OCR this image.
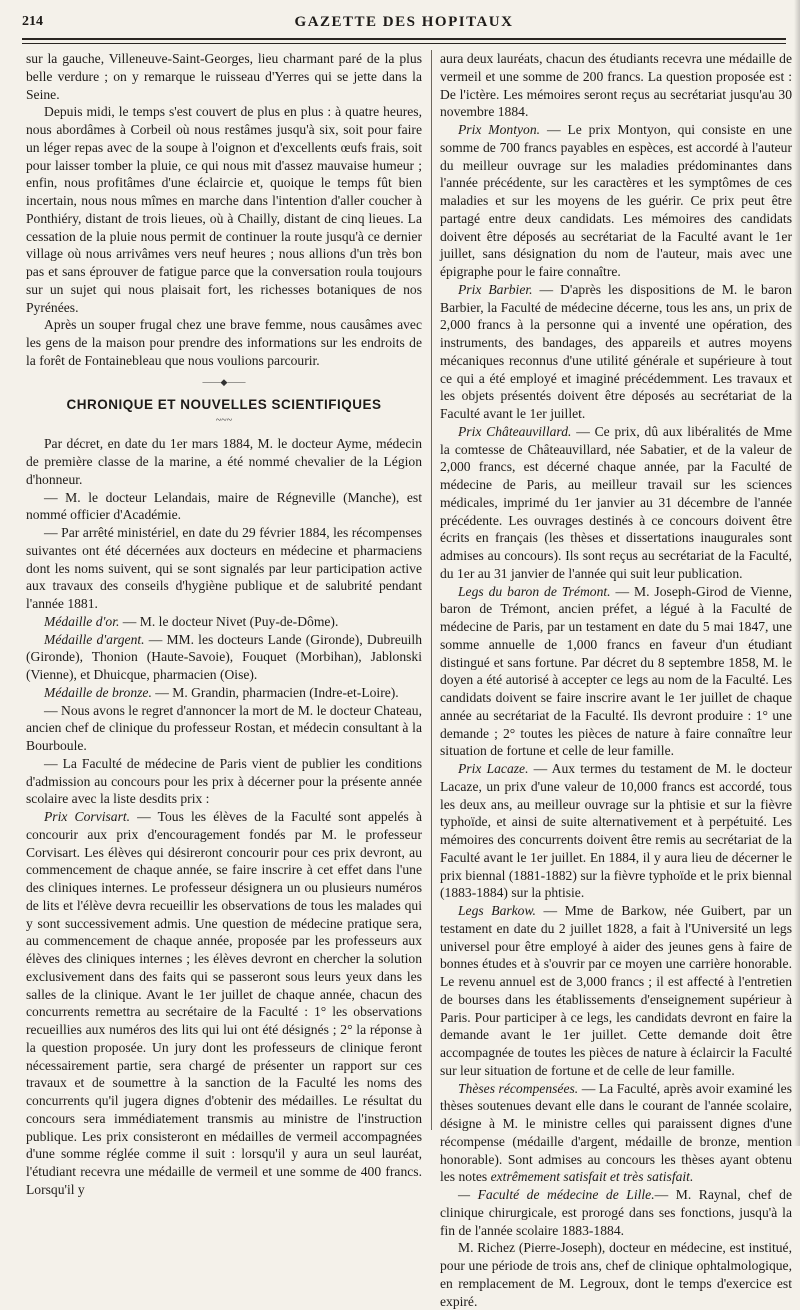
214	GAZETTE DES HOPITAUX

sur la gauche, Villeneuve-Saint-Georges, lieu charmant paré de la plus belle verdure ; on y remarque le ruisseau d'Yerres qui se jette dans la Seine.

Depuis midi, le temps s'est couvert de plus en plus : à quatre heures, nous abordâmes à Corbeil où nous restâmes jusqu'à six, soit pour faire un léger repas avec de la soupe à l'oignon et d'excellents œufs frais, soit pour laisser tomber la pluie, ce qui nous mit d'assez mauvaise humeur ; enfin, nous profitâmes d'une éclaircie et, quoique le temps fût bien incertain, nous nous mîmes en marche dans l'intention d'aller coucher à Ponthiéry, distant de trois lieues, où à Chailly, distant de cinq lieues. La cessation de la pluie nous permit de continuer la route jusqu'à ce dernier village où nous arrivâmes vers neuf heures ; nous allions d'un très bon pas et sans éprouver de fatigue parce que la conversation roula toujours sur un sujet qui nous plaisait fort, les richesses botaniques de nos Pyrénées.

Après un souper frugal chez une brave femme, nous causâmes avec les gens de la maison pour prendre des informations sur les endroits de la forêt de Fontainebleau que nous voulions parcourir.

——◆——
CHRONIQUE ET NOUVELLES SCIENTIFIQUES
~~~

Par décret, en date du 1er mars 1884, M. le docteur Ayme, médecin de première classe de la marine, a été nommé chevalier de la Légion d'honneur.

— M. le docteur Lelandais, maire de Régneville (Manche), est nommé officier d'Académie.

— Par arrêté ministériel, en date du 29 février 1884, les récompenses suivantes ont été décernées aux docteurs en médecine et pharmaciens dont les noms suivent, qui se sont signalés par leur participation active aux travaux des conseils d'hygiène publique et de salubrité pendant l'année 1881.

Médaille d'or. — M. le docteur Nivet (Puy-de-Dôme).

Médaille d'argent. — MM. les docteurs Lande (Gironde), Dubreuilh (Gironde), Thonion (Haute-Savoie), Fouquet (Morbihan), Jablonski (Vienne), et Dhuicque, pharmacien (Oise).

Médaille de bronze. — M. Grandin, pharmacien (Indre-et-Loire).

— Nous avons le regret d'annoncer la mort de M. le docteur Chateau, ancien chef de clinique du professeur Rostan, et médecin consultant à la Bourboule.

— La Faculté de médecine de Paris vient de publier les conditions d'admission au concours pour les prix à décerner pour la présente année scolaire avec la liste desdits prix :

Prix Corvisart. — Tous les élèves de la Faculté sont appelés à concourir aux prix d'encouragement fondés par M. le professeur Corvisart. Les élèves qui désireront concourir pour ces prix devront, au commencement de chaque année, se faire inscrire à cet effet dans l'une des cliniques internes. Le professeur désignera un ou plusieurs numéros de lits et l'élève devra recueillir les observations de tous les malades qui y sont successivement admis. Une question de médecine pratique sera, au commencement de chaque année, proposée par les professeurs aux élèves des cliniques internes ; les élèves devront en chercher la solution exclusivement dans des faits qui se passeront sous leurs yeux dans les salles de la clinique. Avant le 1er juillet de chaque année, chacun des concurrents remettra au secrétaire de la Faculté : 1° les observations recueillies aux numéros des lits qui lui ont été désignés ; 2° la réponse à la question proposée. Un jury dont les professeurs de clinique feront nécessairement partie, sera chargé de présenter un rapport sur ces travaux et de soumettre à la sanction de la Faculté les noms des concurrents qu'il jugera dignes d'obtenir des médailles. Le résultat du concours sera immédiatement transmis au ministre de l'instruction publique. Les prix consisteront en médailles de vermeil accompagnées d'une somme réglée comme il suit : lorsqu'il y aura un seul lauréat, l'étudiant recevra une médaille de vermeil et une somme de 400 francs. Lorsqu'il y

aura deux lauréats, chacun des étudiants recevra une médaille de vermeil et une somme de 200 francs. La question proposée est : De l'ictère. Les mémoires seront reçus au secrétariat jusqu'au 30 novembre 1884.

Prix Montyon. — Le prix Montyon, qui consiste en une somme de 700 francs payables en espèces, est accordé à l'auteur du meilleur ouvrage sur les maladies prédominantes dans l'année précédente, sur les caractères et les symptômes de ces maladies et sur les moyens de les guérir. Ce prix peut être partagé entre deux candidats. Les mémoires des candidats doivent être déposés au secrétariat de la Faculté avant le 1er juillet, sans désignation du nom de l'auteur, mais avec une épigraphe pour le faire connaître.

Prix Barbier. — D'après les dispositions de M. le baron Barbier, la Faculté de médecine décerne, tous les ans, un prix de 2,000 francs à la personne qui a inventé une opération, des instruments, des bandages, des appareils et autres moyens mécaniques reconnus d'une utilité générale et supérieure à tout ce qui a été employé et imaginé précédemment. Les travaux et les objets présentés doivent être déposés au secrétariat de la Faculté avant le 1er juillet.

Prix Châteauvillard. — Ce prix, dû aux libéralités de Mme la comtesse de Châteauvillard, née Sabatier, et de la valeur de 2,000 francs, est décerné chaque année, par la Faculté de médecine de Paris, au meilleur travail sur les sciences médicales, imprimé du 1er janvier au 31 décembre de l'année précédente. Les ouvrages destinés à ce concours doivent être écrits en français (les thèses et dissertations inaugurales sont admises au concours). Ils sont reçus au secrétariat de la Faculté, du 1er au 31 janvier de l'année qui suit leur publication.

Legs du baron de Trémont. — M. Joseph-Girod de Vienne, baron de Trémont, ancien préfet, a légué à la Faculté de médecine de Paris, par un testament en date du 5 mai 1847, une somme annuelle de 1,000 francs en faveur d'un étudiant distingué et sans fortune. Par décret du 8 septembre 1858, M. le doyen a été autorisé à accepter ce legs au nom de la Faculté. Les candidats doivent se faire inscrire avant le 1er juillet de chaque année au secrétariat de la Faculté. Ils devront produire : 1° une demande ; 2° toutes les pièces de nature à faire connaître leur situation de fortune et celle de leur famille.

Prix Lacaze. — Aux termes du testament de M. le docteur Lacaze, un prix d'une valeur de 10,000 francs est accordé, tous les deux ans, au meilleur ouvrage sur la phtisie et sur la fièvre typhoïde, et ainsi de suite alternativement et à perpétuité. Les mémoires des concurrents doivent être remis au secrétariat de la Faculté avant le 1er juillet. En 1884, il y aura lieu de décerner le prix biennal (1881-1882) sur la fièvre typhoïde et le prix biennal (1883-1884) sur la phtisie.

Legs Barkow. — Mme de Barkow, née Guibert, par un testament en date du 2 juillet 1828, a fait à l'Université un legs universel pour être employé à aider des jeunes gens à faire de bonnes études et à s'ouvrir par ce moyen une carrière honorable. Le revenu annuel est de 3,000 francs ; il est affecté à l'entretien de bourses dans les établissements d'enseignement supérieur à Paris. Pour participer à ce legs, les candidats devront en faire la demande avant le 1er juillet. Cette demande doit être accompagnée de toutes les pièces de nature à éclaircir la Faculté sur leur situation de fortune et de celle de leur famille.

Thèses récompensées. — La Faculté, après avoir examiné les thèses soutenues devant elle dans le courant de l'année scolaire, désigne à M. le ministre celles qui paraissent dignes d'une récompense (médaille d'argent, médaille de bronze, mention honorable). Sont admises au concours les thèses ayant obtenu les notes extrêmement satisfait et très satisfait.

— Faculté de médecine de Lille.— M. Raynal, chef de clinique chirurgicale, est prorogé dans ses fonctions, jusqu'à la fin de l'année scolaire 1883-1884.

M. Richez (Pierre-Joseph), docteur en médecine, est institué, pour une période de trois ans, chef de clinique ophtalmologique, en remplacement de M. Legroux, dont le temps d'exercice est expiré.
